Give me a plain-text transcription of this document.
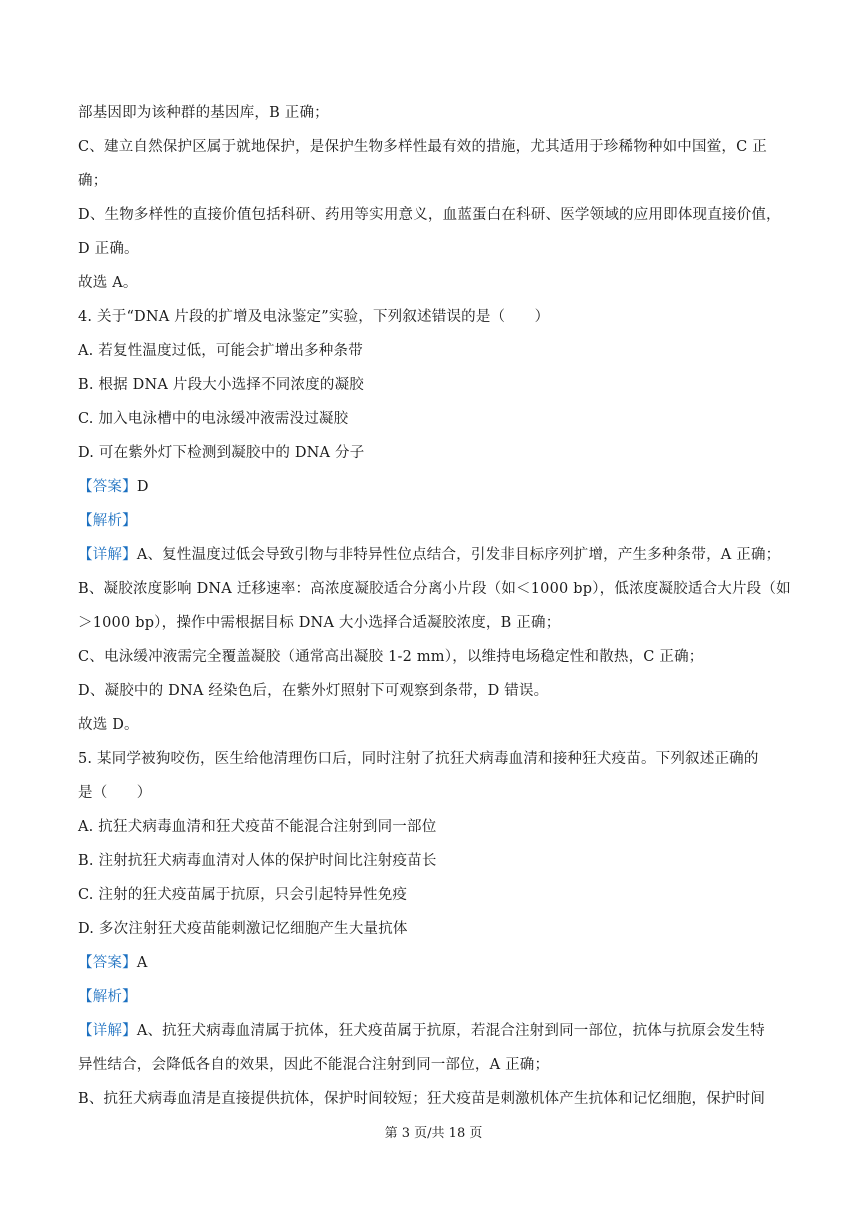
部基因即为该种群的基因库，B 正确；
C、建立自然保护区属于就地保护，是保护生物多样性最有效的措施，尤其适用于珍稀物种如中国鲎，C 正
确；
D、生物多样性的直接价值包括科研、药用等实用意义，血蓝蛋白在科研、医学领域的应用即体现直接价值，
D 正确。
故选 A。
4. 关于“DNA 片段的扩增及电泳鉴定”实验，下列叙述错误的是（　　）
A. 若复性温度过低，可能会扩增出多种条带
B. 根据 DNA 片段大小选择不同浓度的凝胶
C. 加入电泳槽中的电泳缓冲液需没过凝胶
D. 可在紫外灯下检测到凝胶中的 DNA 分子
【答案】D
【解析】
【详解】A、复性温度过低会导致引物与非特异性位点结合，引发非目标序列扩增，产生多种条带，A 正确；
B、凝胶浓度影响 DNA 迁移速率：高浓度凝胶适合分离小片段（如＜1000 bp），低浓度凝胶适合大片段（如
＞1000 bp），操作中需根据目标 DNA 大小选择合适凝胶浓度，B 正确；
C、电泳缓冲液需完全覆盖凝胶（通常高出凝胶 1-2 mm），以维持电场稳定性和散热，C 正确；
D、凝胶中的 DNA 经染色后，在紫外灯照射下可观察到条带，D 错误。
故选 D。
5. 某同学被狗咬伤，医生给他清理伤口后，同时注射了抗狂犬病毒血清和接种狂犬疫苗。下列叙述正确的
是（　　）
A. 抗狂犬病毒血清和狂犬疫苗不能混合注射到同一部位
B. 注射抗狂犬病毒血清对人体的保护时间比注射疫苗长
C. 注射的狂犬疫苗属于抗原，只会引起特异性免疫
D. 多次注射狂犬疫苗能刺激记忆细胞产生大量抗体
【答案】A
【解析】
【详解】A、抗狂犬病毒血清属于抗体，狂犬疫苗属于抗原，若混合注射到同一部位，抗体与抗原会发生特
异性结合，会降低各自的效果，因此不能混合注射到同一部位，A 正确；
B、抗狂犬病毒血清是直接提供抗体，保护时间较短；狂犬疫苗是刺激机体产生抗体和记忆细胞，保护时间
第 3 页/共 18 页
